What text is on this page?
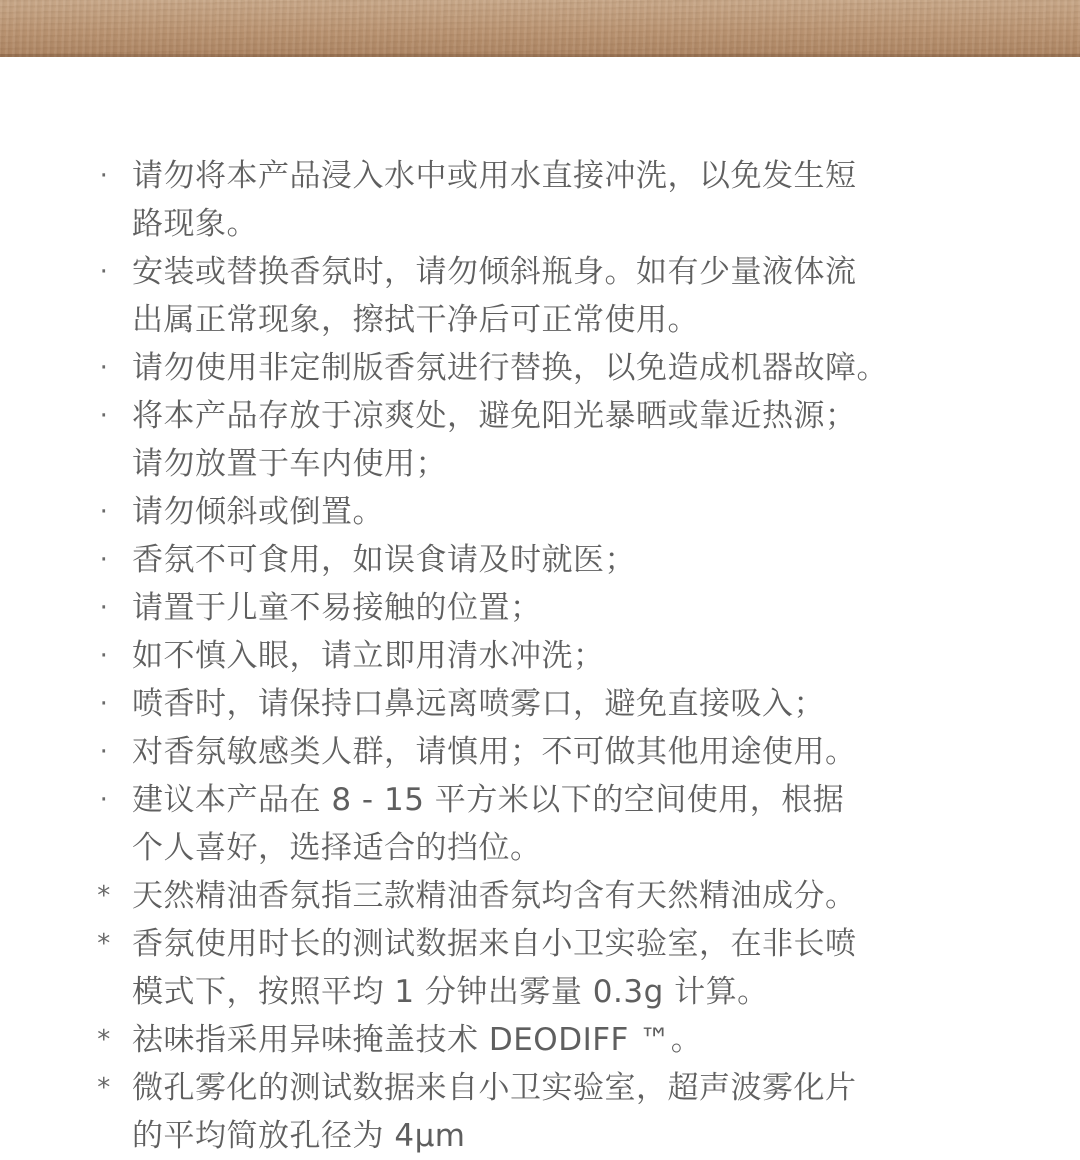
· 请勿将本产品浸入水中或用水直接冲洗，以免发生短
路现象。
· 安装或替换香氛时，请勿倾斜瓶身。如有少量液体流
出属正常现象，擦拭干净后可正常使用。
· 请勿使用非定制版香氛进行替换，以免造成机器故障。
· 将本产品存放于凉爽处，避免阳光暴晒或靠近热源；
请勿放置于车内使用；
· 请勿倾斜或倒置。
· 香氛不可食用，如误食请及时就医；
· 请置于儿童不易接触的位置；
· 如不慎入眼，请立即用清水冲洗；
· 喷香时，请保持口鼻远离喷雾口，避免直接吸入；
· 对香氛敏感类人群，请慎用；不可做其他用途使用。
· 建议本产品在 8 - 15 平方米以下的空间使用，根据
个人喜好，选择适合的挡位。
* 天然精油香氛指三款精油香氛均含有天然精油成分。
* 香氛使用时长的测试数据来自小卫实验室，在非长喷
模式下，按照平均 1 分钟出雾量 0.3g 计算。
* 祛味指采用异味掩盖技术 DEODIFF ™。
* 微孔雾化的测试数据来自小卫实验室，超声波雾化片
的平均简放孔径为 4μm
